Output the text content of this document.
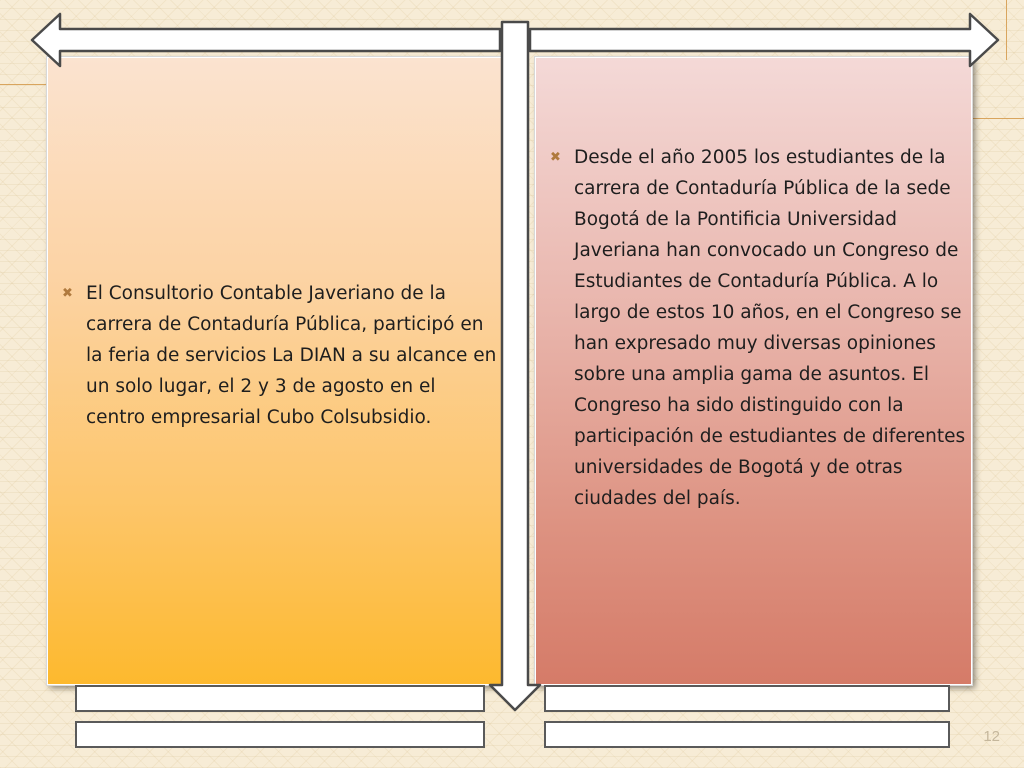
✖ El Consultorio Contable Javeriano de la carrera de Contaduría Pública, participó en la feria de servicios La DIAN a su alcance en un solo lugar, el 2 y 3 de agosto en el centro empresarial Cubo Colsubsidio.
✖ Desde el año 2005 los estudiantes de la carrera de Contaduría Pública de la sede Bogotá de la Pontificia Universidad Javeriana han convocado un Congreso de Estudiantes de Contaduría Pública. A lo largo de estos 10 años, en el Congreso se han expresado muy diversas opiniones sobre una amplia gama de asuntos. El Congreso ha sido distinguido con la participación de estudiantes de diferentes universidades de Bogotá y de otras ciudades del país.
12
